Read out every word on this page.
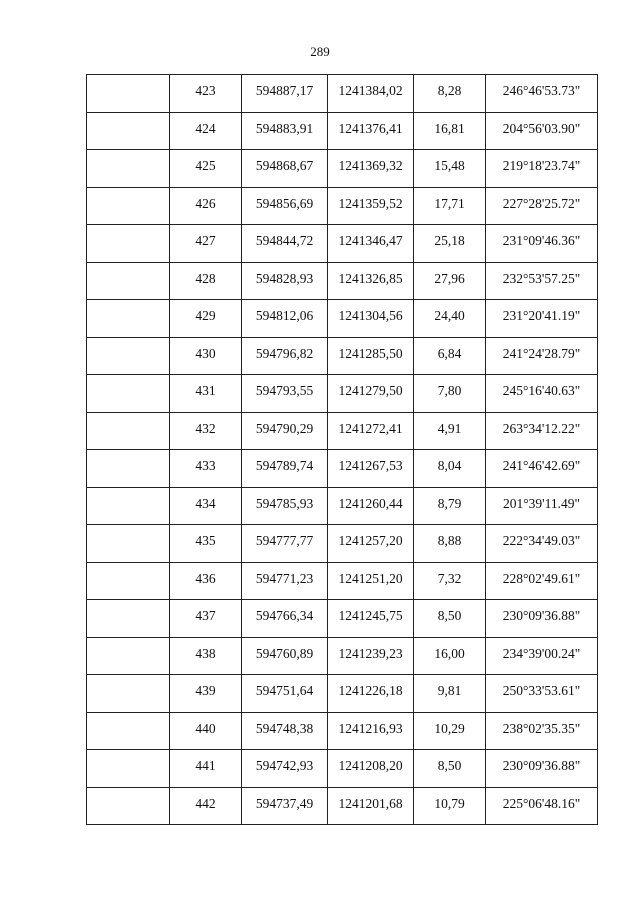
289

	423	594887,17	1241384,02	8,28	246°46'53.73"

	424	594883,91	1241376,41	16,81	204°56'03.90"

	425	594868,67	1241369,32	15,48	219°18'23.74"

	426	594856,69	1241359,52	17,71	227°28'25.72"

	427	594844,72	1241346,47	25,18	231°09'46.36"

	428	594828,93	1241326,85	27,96	232°53'57.25"

	429	594812,06	1241304,56	24,40	231°20'41.19"

	430	594796,82	1241285,50	6,84	241°24'28.79"

	431	594793,55	1241279,50	7,80	245°16'40.63"

	432	594790,29	1241272,41	4,91	263°34'12.22"

	433	594789,74	1241267,53	8,04	241°46'42.69"

	434	594785,93	1241260,44	8,79	201°39'11.49"

	435	594777,77	1241257,20	8,88	222°34'49.03"

	436	594771,23	1241251,20	7,32	228°02'49.61"

	437	594766,34	1241245,75	8,50	230°09'36.88"

	438	594760,89	1241239,23	16,00	234°39'00.24"

	439	594751,64	1241226,18	9,81	250°33'53.61"

	440	594748,38	1241216,93	10,29	238°02'35.35"

	441	594742,93	1241208,20	8,50	230°09'36.88"

	442	594737,49	1241201,68	10,79	225°06'48.16"
